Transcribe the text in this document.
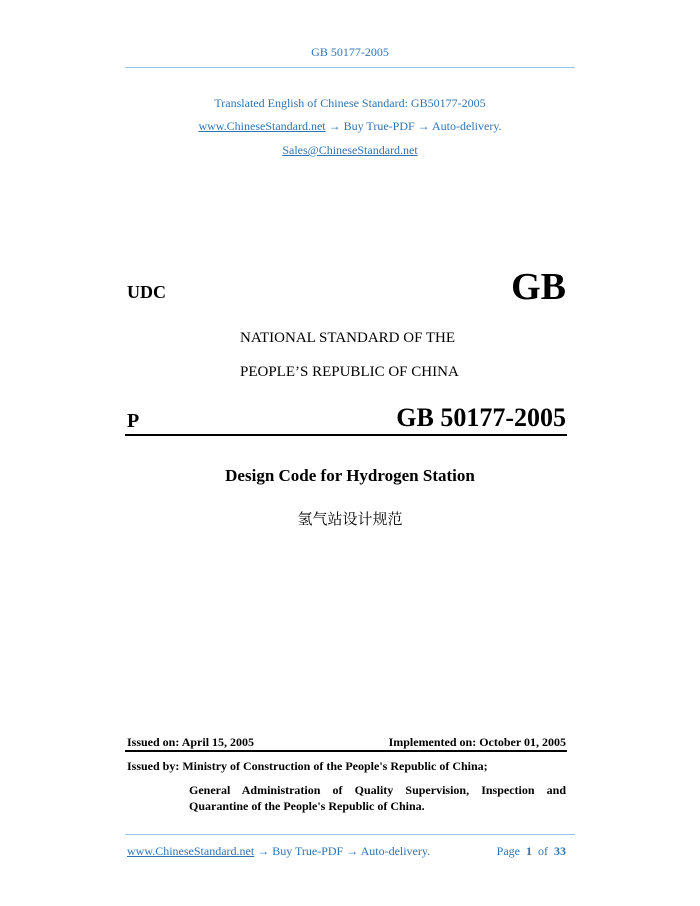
GB 50177-2005
Translated English of Chinese Standard: GB50177-2005
www.ChineseStandard.net → Buy True-PDF → Auto-delivery.
Sales@ChineseStandard.net
UDC	GB
NATIONAL STANDARD OF THE
PEOPLE’S REPUBLIC OF CHINA
P	GB 50177-2005
Design Code for Hydrogen Station
氢气站设计规范
Issued on: April 15, 2005	Implemented on: October 01, 2005
Issued by: Ministry of Construction of the People's Republic of China;
General Administration of Quality Supervision, Inspection and Quarantine of the People's Republic of China.
www.ChineseStandard.net → Buy True-PDF → Auto-delivery.	Page 1 of 33
